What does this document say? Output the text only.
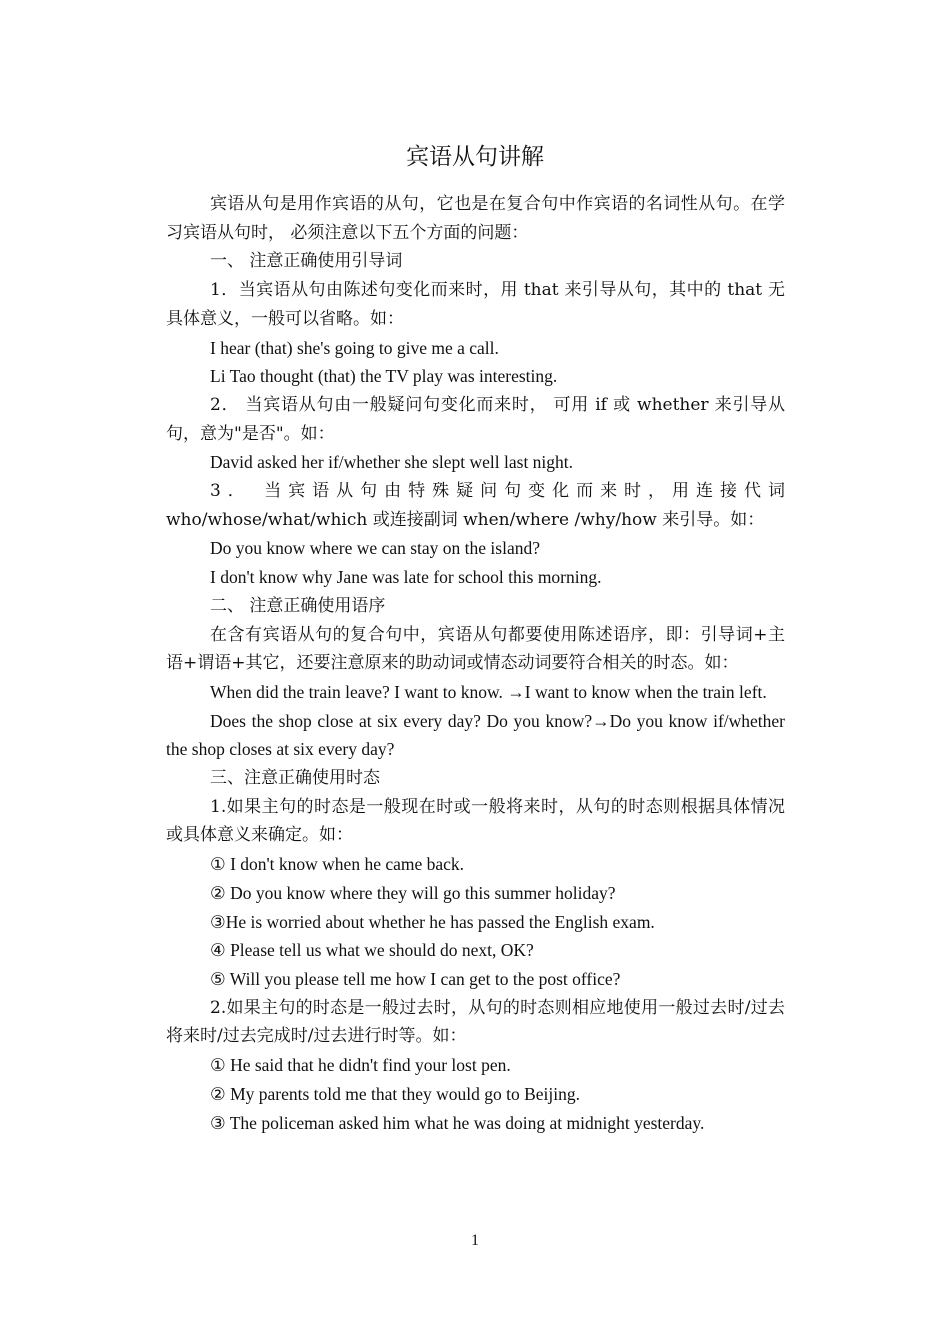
宾语从句讲解

宾语从句是用作宾语的从句，它也是在复合句中作宾语的名词性从句。在学习宾语从句时， 必须注意以下五个方面的问题：

一、 注意正确使用引导词

1．当宾语从句由陈述句变化而来时，用 that 来引导从句，其中的 that 无具体意义，一般可以省略。如：

I hear (that) she's going to give me a call.

Li Tao thought (that) the TV play was interesting.

2． 当宾语从句由一般疑问句变化而来时， 可用 if 或 whether 来引导从句，意为"是否"。如：

David asked her if/whether she slept well last night.

3． 当宾语从句由特殊疑问句变化而来时，用连接代词 who/whose/what/which 或连接副词 when/where /why/how 来引导。如：

Do you know where we can stay on the island?

I don't know why Jane was late for school this morning.

二、 注意正确使用语序

在含有宾语从句的复合句中，宾语从句都要使用陈述语序，即：引导词+主语+谓语+其它，还要注意原来的助动词或情态动词要符合相关的时态。如：

When did the train leave? I want to know. →I want to know when the train left.

Does the shop close at six every day? Do you know?→Do you know if/whether the shop closes at six every day?

三、注意正确使用时态

1.如果主句的时态是一般现在时或一般将来时，从句的时态则根据具体情况或具体意义来确定。如：

① I don't know when he came back.

② Do you know where they will go this summer holiday?

③He is worried about whether he has passed the English exam.

④ Please tell us what we should do next, OK?

⑤ Will you please tell me how I can get to the post office?

2.如果主句的时态是一般过去时，从句的时态则相应地使用一般过去时/过去将来时/过去完成时/过去进行时等。如：

① He said that he didn't find your lost pen.

② My parents told me that they would go to Beijing.

③ The policeman asked him what he was doing at midnight yesterday.

1
